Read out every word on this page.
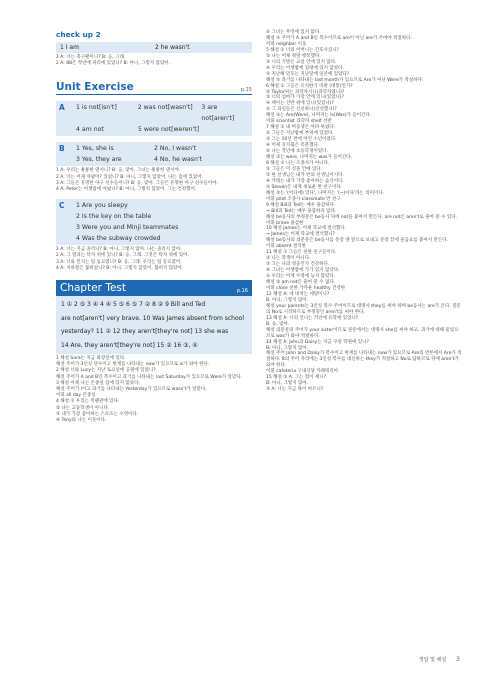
check up 2
1 I am	2 he wasn't

1 A: 너는 축구팬이니? B: 응, 그래.

2 A: 88은 작년에 파리에 있었니? B: 아니, 그렇지 않았어.

Unit Exercise	p.15
A	1 is not[isn't]	2 was not[wasn't]	3 are not[aren't]
4 am not	5 were not[weren't]
B	1 Yes, she is	2 No, I wasn't
3 Yes, they are	4 No, he wasn't

1 A: 우리는 훌륭한 댄서니? B: 응, 맞아. 그녀는 훌륭한 댄서야.

2 A: 너는 어제 아팠어? 있었니? B: 아니, 그렇지 않았어. 나는 집에 있었어.

3 A: 그들은 유명한 아구 선수들이니? B: 응, 맞아. 그들은 유명한 아구 선수들이야.

4 A: Peter는 어젯밤에 아팠니? B: 아니, 그렇지 않았어. 그는 건강했어.

C	1 Are you sleepy
2 Is the key on the table
3 Were you and Minji teammates
4 Was the subway crowded

1 A: 너는 지금 졸리니? B: 아니, 그렇지 않아. 나는 졸리지 않아.

2 A: 그 열쇠는 탁자 위에 있니? B: 응, 그래. 그것은 탁자 위에 있어.

3 A: 너와 민지는 팀 동료였니? B: 응, 그래. 우리는 팀 동료였어.

4 A: 지하철은 붐비었니? B: 아니, 그렇지 않았어. 붐비지 않았어.

Chapter Test	p.16
1 ① 2 ⑤ 3 ④ 4 ④ 5 ⑤ 6 ⑤ 7 ② 8 ② 9 Bill and Ted
are not[aren't] very brave. 10 Was James absent from school
yesterday? 11 ② 12 they aren't[they're not] 13 she was
14 Are, they aren't[they're not] 15 ② 16 ③, ④

1 해설 Sara는 지금 화장실에 있다.

해설 주어가 3인칭 단수이고 현재를 나타내는 now가 있으므로 is가 와야 한다.

2 해설 너와 Lucy는 지난 토요일에 공원에 있었니?

해설 주어가 A and B인 복수이고 과거를 나타내는 last Saturday가 있으므로 Were가 알맞다.

3 해설 어제 나는 온종일 집에 있지 않았다.

해설 주어가 I이고 과거를 나타내는 Yesterday가 있으므로 wasn't가 알맞다.

어휘 all day 온종일

4 해설 ① 우리는 빅팬관에 있다.

② 나는 고등학생이 아니다.

③ 내가 가장 좋아하는 스포츠는 수영이다.

④ Tony와 나는 이웃이다.

⑤ 그녀는 무엇에 있지 않다.

해설 ⑤ 주어가 A and B인 복수이므로 am이 아닌 are가 쓰여야 적절하다.

어휘 neighbor 이웃

5 해설 ① 너의 어머니는 간호사셨니?

② 나는 어제 정말 행복했다.

③ 너의 가방은 교실 안에 있지 않다.

④ 우리는 어젯밤에 침대에 있지 않았다.

⑤ 지난해 민호는 지난달에 일본에 있었다?

해설 ⑤ 과거를 나타내는 last month가 있으므로 Are가 아닌 Were가 적절하다.

6 해설 ① 그들은 유치한가 비판 (대통)인가?

② Taylor씨는 과학자시니(과학자였니)?

③ 너의 엄마가 가장 안에 있니(있었니)?

④ 책이는 선반 위에 있니(있었니)?

⑤ 그 과일들은 신선하니(신선했니)?

해설 ⑤는 Are(Were), 나머지는 Is(Was)가 들어간다.

어휘 scientist 과학자 shelf 선반

7 해설 ① 내 여동생은 아파 하였다.

② 그들은 지난밤에 부엌에 있었다.

③ 그는 10년 전에 어린 소년이었다.

④ 어제 유지윌은 흥분했다.

⑤ 나는 작년에 초등학생이었다.

해설 ②는 were, 나머지는 was가 들어간다.

8 해설 ① 나는 조종사가 아니다.

② 그들은 이 진을 안에 있다.

③ 한 선생님은 내가 반의 선생님이시다.

④ 카레는 내가 가장 좋아하는 음식이다.

⑤ Steven은 내게 새로운 반 친구이다.

해설 ②는 '(어디에) 있다', 나머지는 '(~)이다'라는 의미이다.

어휘 pilot 조종사 classmate 반 친구

9 해설 Bill과 Ted는 매우 용감하다.

→ Bill과 Ted는 매우 용감하지 않다.

해설 be동사의 부정문은 be동사 뒤에 not을 붙여서 만든다. are not은 aren't로 줄여 쓸 수 있다.

어휘 brave 용감한

10 해설 James는 어제 학교에 결석했다.

→ James는 어제 학교에 결석했니?

해설 be동사의 의문문은 be동사를 문장 맨 앞으로 보내고 문장 끝에 물음표를 붙여서 만든다.

어휘 absent 결석한

11 해설 ① 그들은 친한 친구들이다.

② 나는 학생이 아니다.

③ 그는 나의 영웅인가 건강하다.

④ 그녀는 어젯밤에 가가 있지 않았다.

⑤ 우리는 어제 수영에 능지 않았다.

해설 ② am not은 줄여 쓸 수 없다.

어휘 close 친한 가까운 healthy 건강한

12 해설 A: 네 네치는 세탕이니?

B: 아니, 그렇지 않아.

해설 your parents는 3인칭 복수 주어이므로 대명사 they를 써야 하며 be동사는 are가 온다. 질문의 No로 시작하므로 부정형인 aren't를 써야 한다.

13 해설 A: 너의 언니는 작년에 유학에 있었니?

B: 응, 맞아.

해설 의문문의 주어가 your sister이므로 질문에서는 대명사 she를 써야 하고, 과거에 대해 물었으므로 was가 와야 적절하다.

14 해설 A: John과 Daisy는 지금 쿠킹 학원에 있니?

B: 아니, 그렇지 않아.

해설 주어 John and Daisy가 복수이고 현재를 나타내는 now가 있으므로 Are의 반론에서 Are가 적절하다. 8의 주어 자리에는 3인칭 복수를 대신하는 they가 적절하고 No로 답하므로 뒤에 aren't가 와야 한다.

어휘 cafeteria 구내식당 카페테리아

15 해설 ② A: 그는 힘이 세니?

B: 아니, 그렇지 않아.

③ A: 너는 지금 목이 마르니?

정답 및 해설 3
